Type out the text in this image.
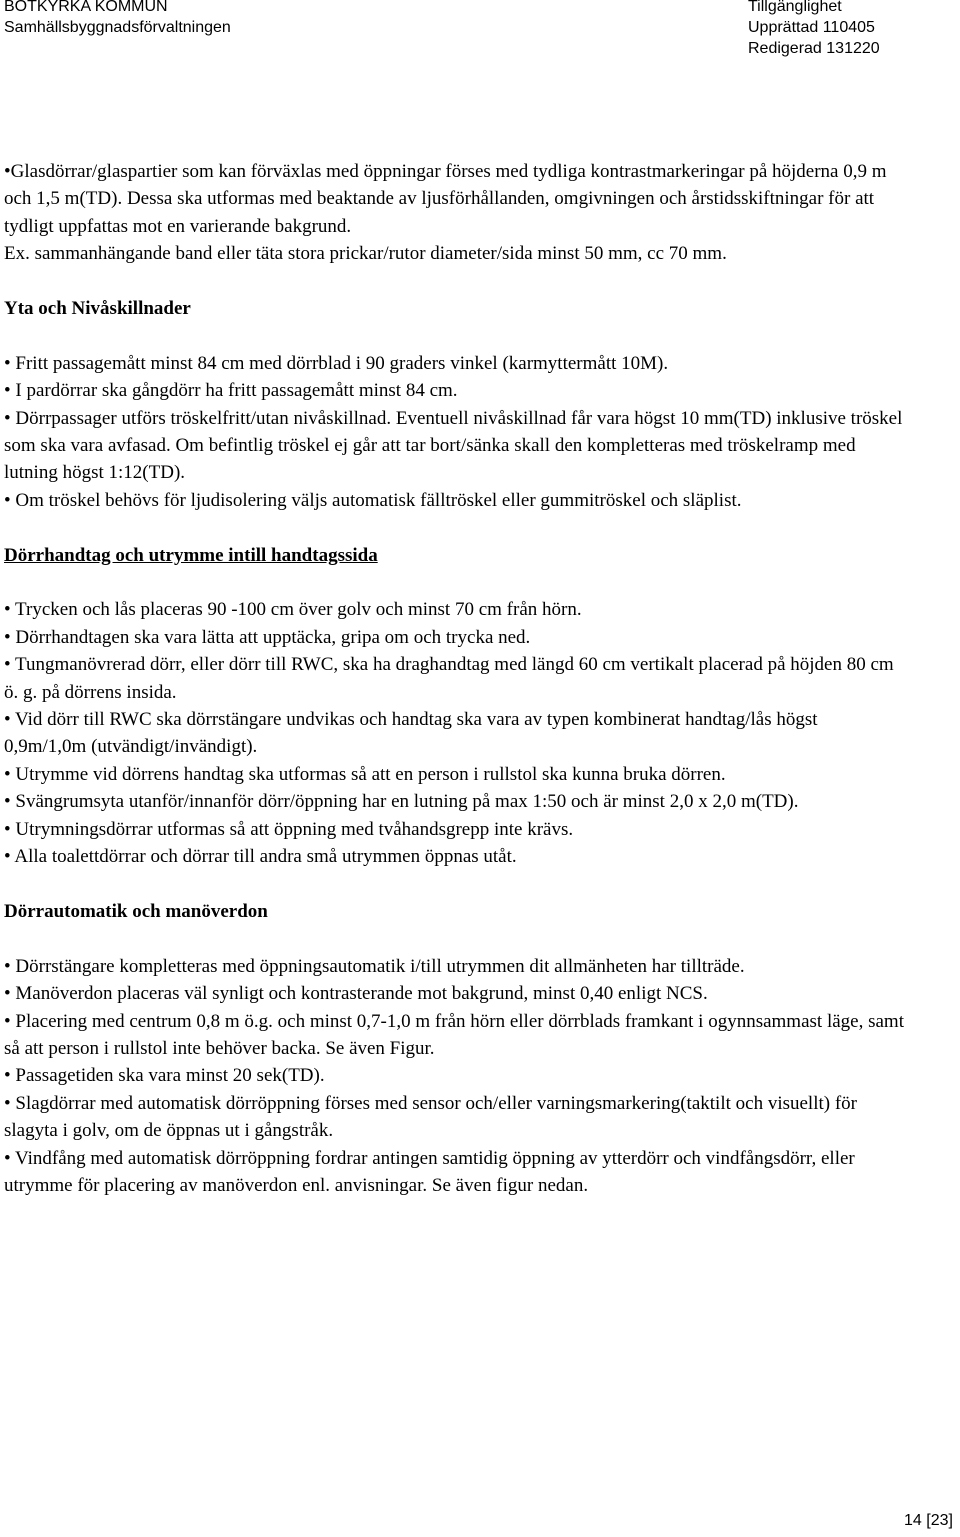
BOTKYRKA KOMMUN
Samhällsbyggnadsförvaltningen
Tillgänglighet
Upprättad 110405
Redigerad 131220

•Glasdörrar/glaspartier som kan förväxlas med öppningar förses med tydliga kontrastmarkeringar på höjderna 0,9 m och 1,5 m(TD). Dessa ska utformas med beaktande av ljusförhållanden, omgivningen och årstidsskiftningar för att tydligt uppfattas mot en varierande bakgrund.

Ex. sammanhängande band eller täta stora prickar/rutor diameter/sida minst 50 mm, cc 70 mm.

Yta och Nivåskillnader

• Fritt passagemått minst 84 cm med dörrblad i 90 graders vinkel (karmyttermått 10M).

• I pardörrar ska gångdörr ha fritt passagemått minst 84 cm.

• Dörrpassager utförs tröskelfritt/utan nivåskillnad. Eventuell nivåskillnad får vara högst 10 mm(TD) inklusive tröskel som ska vara avfasad. Om befintlig tröskel ej går att tar bort/sänka skall den kompletteras med tröskelramp med lutning högst 1:12(TD).

• Om tröskel behövs för ljudisolering väljs automatisk fälltröskel eller gummitröskel och släplist.

Dörrhandtag och utrymme intill handtagssida

• Trycken och lås placeras 90 -100 cm över golv och minst 70 cm från hörn.

• Dörrhandtagen ska vara lätta att upptäcka, gripa om och trycka ned.

• Tungmanövrerad dörr, eller dörr till RWC, ska ha draghandtag med längd 60 cm vertikalt placerad på höjden 80 cm ö. g. på dörrens insida.

• Vid dörr till RWC ska dörrstängare undvikas och handtag ska vara av typen kombinerat handtag/lås högst 0,9m/1,0m (utvändigt/invändigt).

• Utrymme vid dörrens handtag ska utformas så att en person i rullstol ska kunna bruka dörren.

• Svängrumsyta utanför/innanför dörr/öppning har en lutning på max 1:50 och är minst 2,0 x 2,0 m(TD).

• Utrymningsdörrar utformas så att öppning med tvåhandsgrepp inte krävs.

• Alla toalettdörrar och dörrar till andra små utrymmen öppnas utåt.

Dörrautomatik och manöverdon

• Dörrstängare kompletteras med öppningsautomatik i/till utrymmen dit allmänheten har tillträde.

• Manöverdon placeras väl synligt och kontrasterande mot bakgrund, minst 0,40 enligt NCS.

• Placering med centrum 0,8 m ö.g. och minst 0,7-1,0 m från hörn eller dörrblads framkant i ogynnsammast läge, samt så att person i rullstol inte behöver backa. Se även Figur.

• Passagetiden ska vara minst 20 sek(TD).

• Slagdörrar med automatisk dörröppning förses med sensor och/eller varningsmarkering(taktilt och visuellt) för slagyta i golv, om de öppnas ut i gångstråk.

• Vindfång med automatisk dörröppning fordrar antingen samtidig öppning av ytterdörr och vindfångsdörr, eller utrymme för placering av manöverdon enl. anvisningar. Se även figur nedan.

14 [23]
